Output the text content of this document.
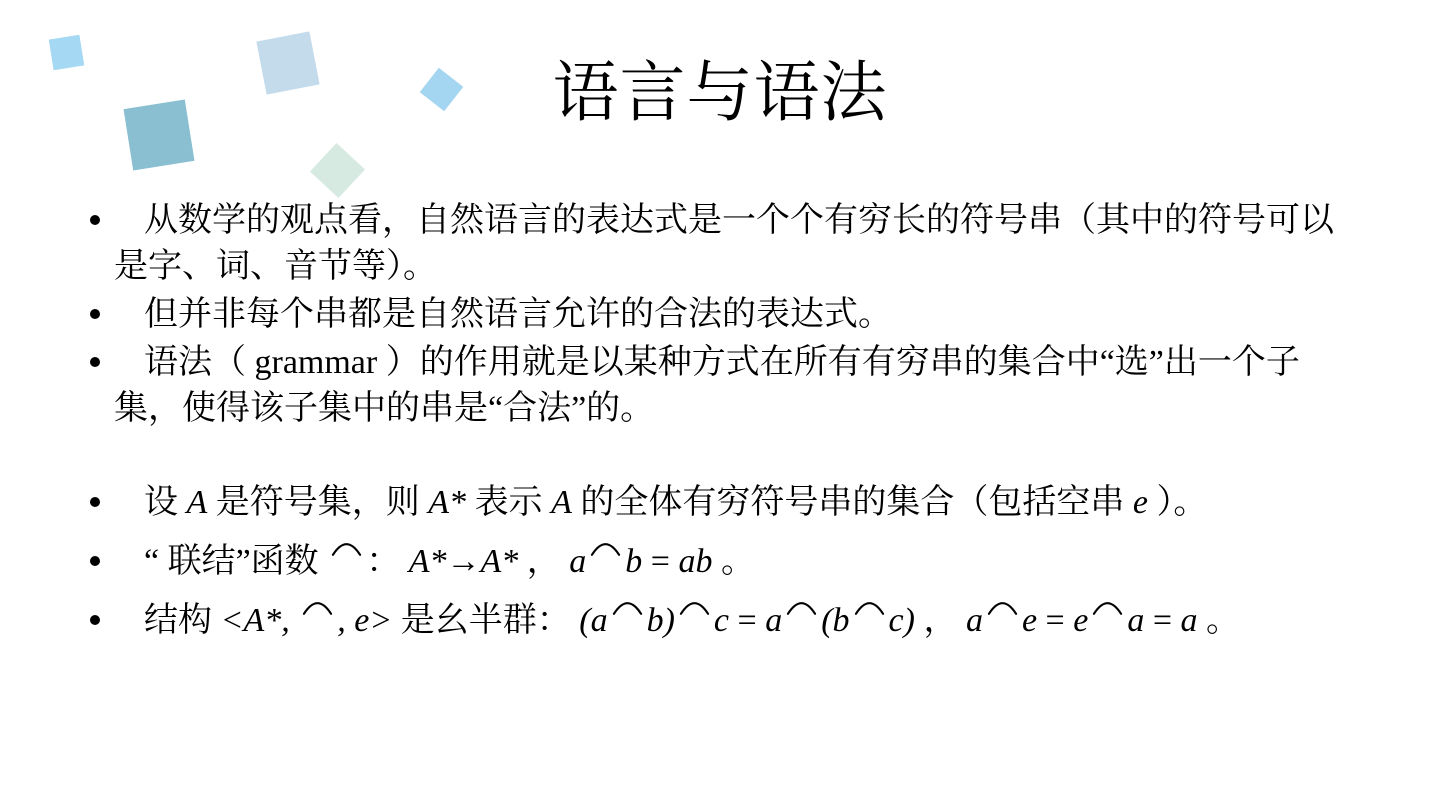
语言与语法
从数学的观点看，自然语言的表达式是一个个有穷长的符号串（其中的符号可以是字、词、音节等）。
但并非每个串都是自然语言允许的合法的表达式。
语法（ grammar ）的作用就是以某种方式在所有有穷串的集合中“选”出一个子集，使得该子集中的串是“合法”的。
设 A 是符号集，则 A* 表示 A 的全体有穷符号串的集合（包括空串 e ）。
“ 联结”函数 ： A*→A* ， a b = ab 。
结构 <A*, , e> 是幺半群： (a b) c = a (b c) ， a e = e a = a 。
